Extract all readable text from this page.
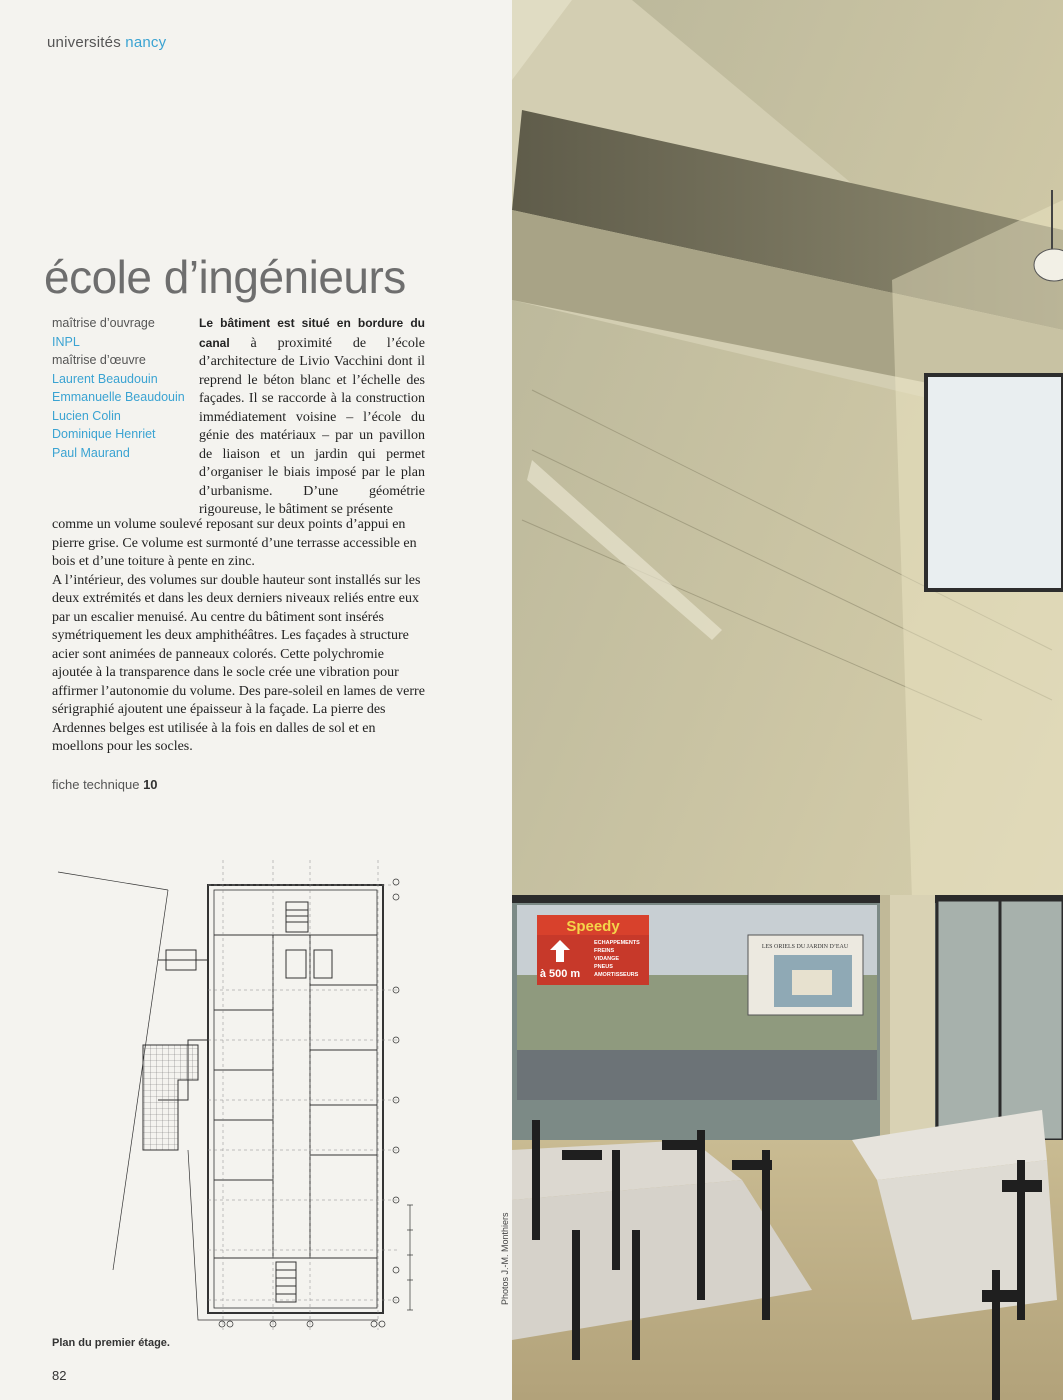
universités nancy
école d’ingénieurs
maîtrise d’ouvrage
INPL
maîtrise d’œuvre
Laurent Beaudouin
Emmanuelle Beaudouin
Lucien Colin
Dominique Henriet
Paul Maurand

Le bâtiment est situé en bordure du canal à proximité de l’école d’architecture de Livio Vacchini dont il reprend le béton blanc et l’échelle des façades. Il se raccorde à la construction immédiatement voisine – l’école du génie des matériaux – par un pavillon de liaison et un jardin qui permet d’organiser le biais imposé par le plan d’urbanisme. D’une géométrie rigoureuse, le bâtiment se présente

comme un volume soulevé reposant sur deux points d’appui en pierre grise. Ce volume est surmonté d’une terrasse accessible en bois et d’une toiture à pente en zinc.
A l’intérieur, des volumes sur double hauteur sont installés sur les deux extrémités et dans les deux derniers niveaux reliés entre eux par un escalier menuisé. Au centre du bâtiment sont insérés symétriquement les deux amphithéâtres. Les façades à structure acier sont animées de panneaux colorés. Cette polychromie ajoutée à la transparence dans le socle crée une vibration pour affirmer l’autonomie du volume. Des pare-soleil en lames de verre sérigraphié ajoutent une épaisseur à la façade. La pierre des Ardennes belges est utilisée à la fois en dalles de sol et en moellons pour les socles.
fiche technique 10
Plan du premier étage.
82
Photos J.-M. Monthiers
Speedy
à 500 m
ECHAPPEMENTS
FREINS
VIDANGE
PNEUS
AMORTISSEURS
LES ORIELS DU JARDIN D’EAU
